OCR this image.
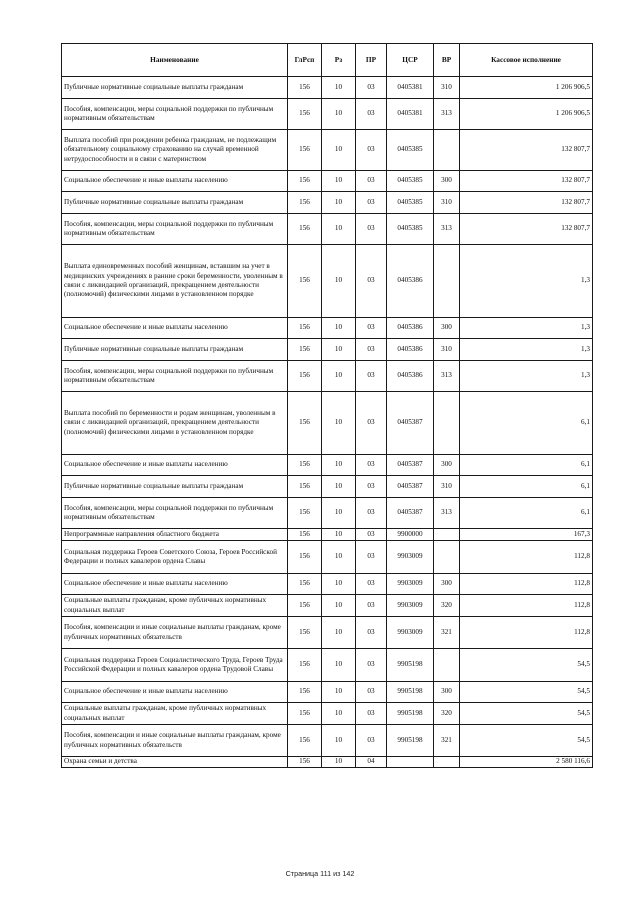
Наименование	ГлРсп	Рз	ПР	ЦСР	ВР	Кассовое исполнение
Публичные нормативные социальные выплаты гражданам	156	10	03	0405381	310	1 206 906,5
Пособия, компенсации, меры социальной поддержки по публичным нормативным обязательствам	156	10	03	0405381	313	1 206 906,5
Выплата пособий при рождении ребенка гражданам, не подлежащим обязательному социальному страхованию на случай временной нетрудоспособности и в связи с материнством	156	10	03	0405385		132 807,7
Социальное обеспечение и иные выплаты населению	156	10	03	0405385	300	132 807,7
Публичные нормативные социальные выплаты гражданам	156	10	03	0405385	310	132 807,7
Пособия, компенсации, меры социальной поддержки по публичным нормативным обязательствам	156	10	03	0405385	313	132 807,7
Выплата единовременных пособий женщинам, вставшим на учет в медицинских учреждениях в ранние сроки беременности, уволенным в связи с ликвидацией организаций, прекращением деятельности (полномочий) физическими лицами в установленном порядке	156	10	03	0405386		1,3
Социальное обеспечение и иные выплаты населению	156	10	03	0405386	300	1,3
Публичные нормативные социальные выплаты гражданам	156	10	03	0405386	310	1,3
Пособия, компенсации, меры социальной поддержки по публичным нормативным обязательствам	156	10	03	0405386	313	1,3
Выплата пособий по беременности и родам женщинам, уволенным в связи с ликвидацией организаций, прекращением деятельности (полномочий) физическими лицами в установленном порядке	156	10	03	0405387		6,1
Социальное обеспечение и иные выплаты населению	156	10	03	0405387	300	6,1
Публичные нормативные социальные выплаты гражданам	156	10	03	0405387	310	6,1
Пособия, компенсации, меры социальной поддержки по публичным нормативным обязательствам	156	10	03	0405387	313	6,1
Непрограммные направления областного бюджета	156	10	03	9900000		167,3
Социальная поддержка Героев Советского Союза, Героев Российской Федерации и полных кавалеров ордена Славы	156	10	03	9903009		112,8
Социальное обеспечение и иные выплаты населению	156	10	03	9903009	300	112,8
Социальные выплаты гражданам, кроме публичных нормативных социальных выплат	156	10	03	9903009	320	112,8
Пособия, компенсации и иные социальные выплаты гражданам, кроме публичных нормативных обязательств	156	10	03	9903009	321	112,8
Социальная поддержка Героев Социалистического Труда, Героев Труда Российской Федерации и полных кавалеров ордена Трудовой Славы	156	10	03	9905198		54,5
Социальное обеспечение и иные выплаты населению	156	10	03	9905198	300	54,5
Социальные выплаты гражданам, кроме публичных нормативных социальных выплат	156	10	03	9905198	320	54,5
Пособия, компенсации и иные социальные выплаты гражданам, кроме публичных нормативных обязательств	156	10	03	9905198	321	54,5
Охрана семьи и детства	156	10	04			2 580 116,6
Страница 111 из 142
